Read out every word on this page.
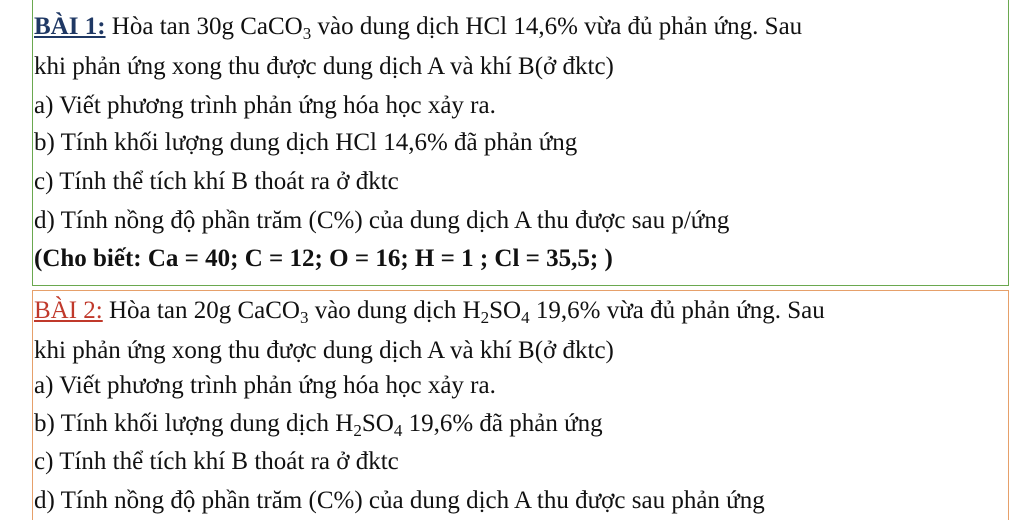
BÀI 1: Hòa tan 30g CaCO$_3$ vào dung dịch HCl 14,6% vừa đủ phản ứng. Sau
khi phản ứng xong thu được dung dịch A và khí B(ở đktc)
a) Viết phương trình phản ứng hóa học xảy ra.
b) Tính khối lượng dung dịch HCl 14,6% đã phản ứng
c) Tính thể tích khí B thoát ra ở đktc
d) Tính nồng độ phần trăm (C%) của dung dịch A thu được sau p/ứng
(Cho biết: Ca = 40; C = 12; O = 16; H = 1 ; Cl = 35,5; )
BÀI 2: Hòa tan 20g CaCO$_3$ vào dung dịch $H_2SO_4$ 19,6% vừa đủ phản ứng. Sau
khi phản ứng xong thu được dung dịch A và khí B(ở đktc)
a) Viết phương trình phản ứng hóa học xảy ra.
b) Tính khối lượng dung dịch $H_2SO_4$ 19,6% đã phản ứng
c) Tính thể tích khí B thoát ra ở đktc
d) Tính nồng độ phần trăm (C%) của dung dịch A thu được sau phản ứng
